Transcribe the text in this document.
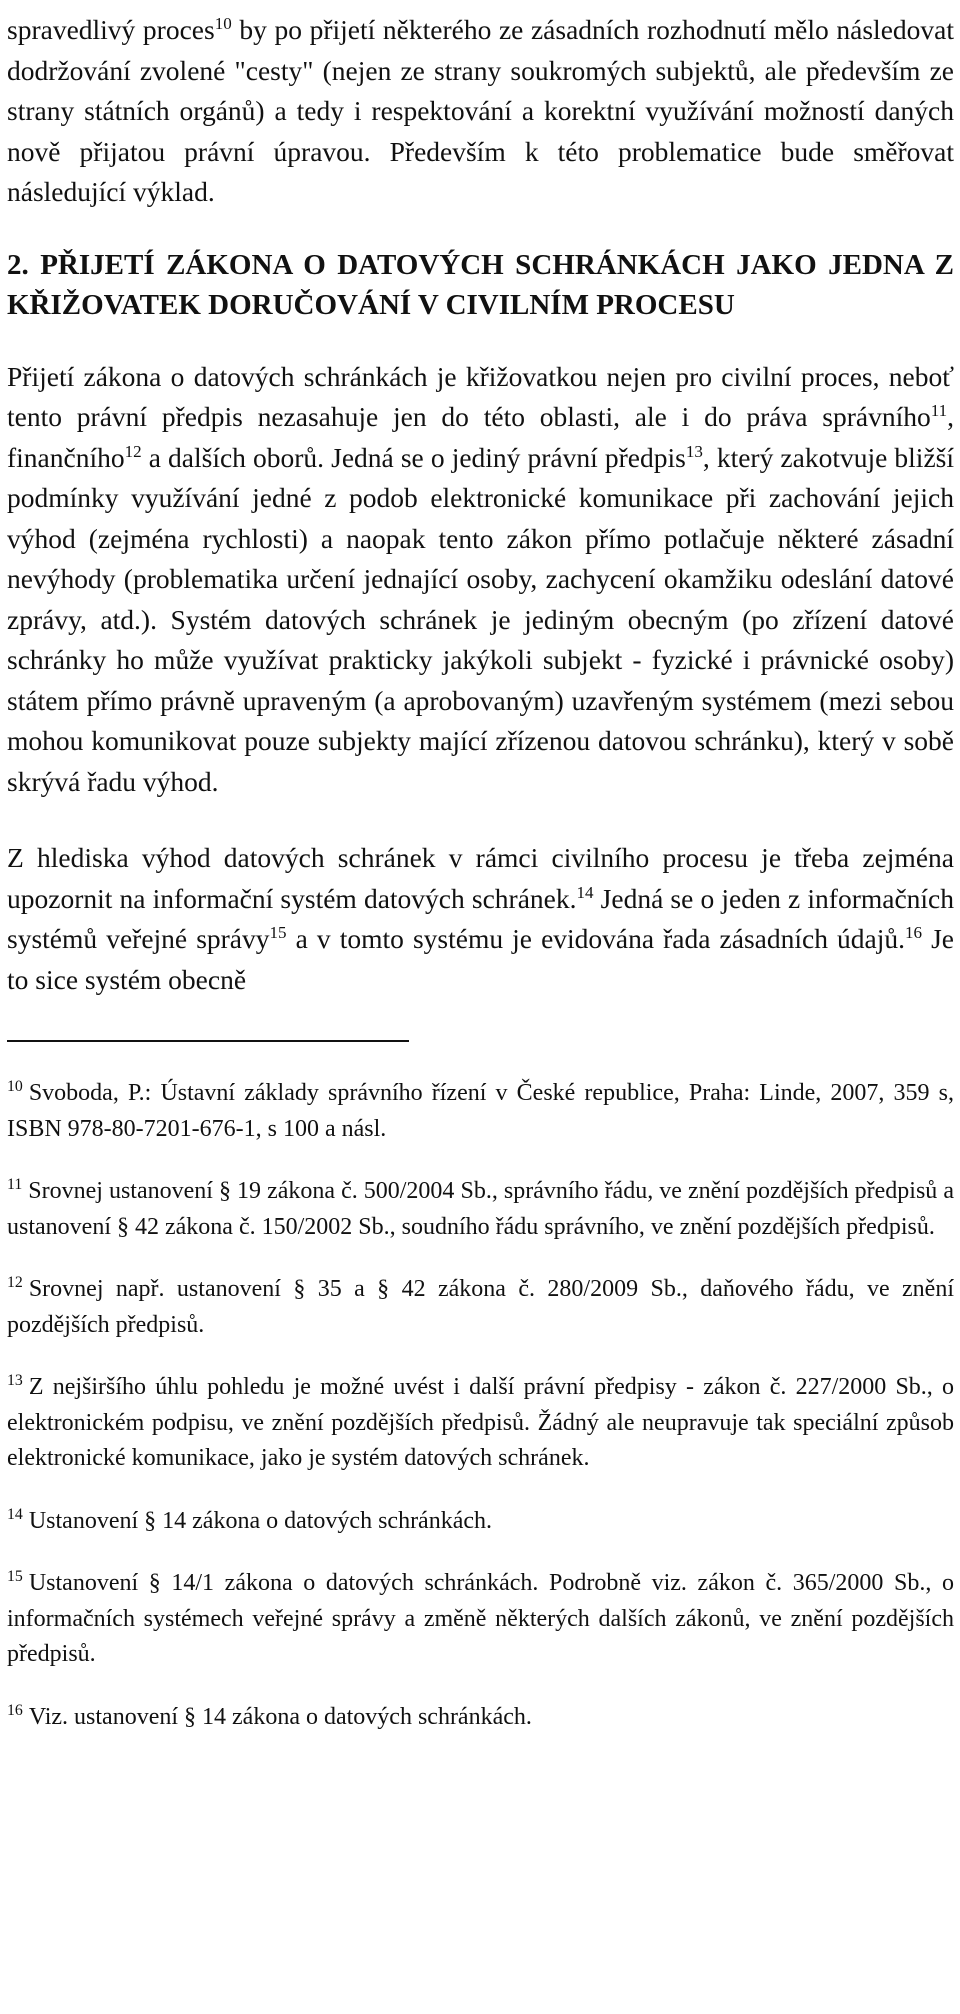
spravedlivý proces$^{10}$ by po přijetí některého ze zásadních rozhodnutí mělo následovat dodržování zvolené "cesty" (nejen ze strany soukromých subjektů, ale především ze strany státních orgánů) a tedy i respektování a korektní využívání možností daných nově přijatou právní úpravou. Především k této problematice bude směřovat následující výklad.

2. PŘIJETÍ ZÁKONA O DATOVÝCH SCHRÁNKÁCH JAKO JEDNA Z KŘIŽOVATEK DORUČOVÁNÍ V CIVILNÍM PROCESU

Přijetí zákona o datových schránkách je křižovatkou nejen pro civilní proces, neboť tento právní předpis nezasahuje jen do této oblasti, ale i do práva správního$^{11}$, finančního$^{12}$ a dalších oborů. Jedná se o jediný právní předpis$^{13}$, který zakotvuje bližší podmínky využívání jedné z podob elektronické komunikace při zachování jejich výhod (zejména rychlosti) a naopak tento zákon přímo potlačuje některé zásadní nevýhody (problematika určení jednající osoby, zachycení okamžiku odeslání datové zprávy, atd.). Systém datových schránek je jediným obecným (po zřízení datové schránky ho může využívat prakticky jakýkoli subjekt - fyzické i právnické osoby) státem přímo právně upraveným (a aprobovaným) uzavřeným systémem (mezi sebou mohou komunikovat pouze subjekty mající zřízenou datovou schránku), který v sobě skrývá řadu výhod.

Z hlediska výhod datových schránek v rámci civilního procesu je třeba zejména upozornit na informační systém datových schránek.$^{14}$ Jedná se o jeden z informačních systémů veřejné správy$^{15}$ a v tomto systému je evidována řada zásadních údajů.$^{16}$ Je to sice systém obecně

$^{10}$ Svoboda, P.: Ústavní základy správního řízení v České republice, Praha: Linde, 2007, 359 s, ISBN 978-80-7201-676-1, s 100 a násl.

$^{11}$ Srovnej ustanovení § 19 zákona č. 500/2004 Sb., správního řádu, ve znění pozdějších předpisů a ustanovení § 42 zákona č. 150/2002 Sb., soudního řádu správního, ve znění pozdějších předpisů.

$^{12}$ Srovnej např. ustanovení § 35 a § 42 zákona č. 280/2009 Sb., daňového řádu, ve znění pozdějších předpisů.

$^{13}$ Z nejširšího úhlu pohledu je možné uvést i další právní předpisy - zákon č. 227/2000 Sb., o elektronickém podpisu, ve znění pozdějších předpisů. Žádný ale neupravuje tak speciální způsob elektronické komunikace, jako je systém datových schránek.

$^{14}$ Ustanovení § 14 zákona o datových schránkách.

$^{15}$ Ustanovení § 14/1 zákona o datových schránkách. Podrobně viz. zákon č. 365/2000 Sb., o informačních systémech veřejné správy a změně některých dalších zákonů, ve znění pozdějších předpisů.

$^{16}$ Viz. ustanovení § 14 zákona o datových schránkách.
